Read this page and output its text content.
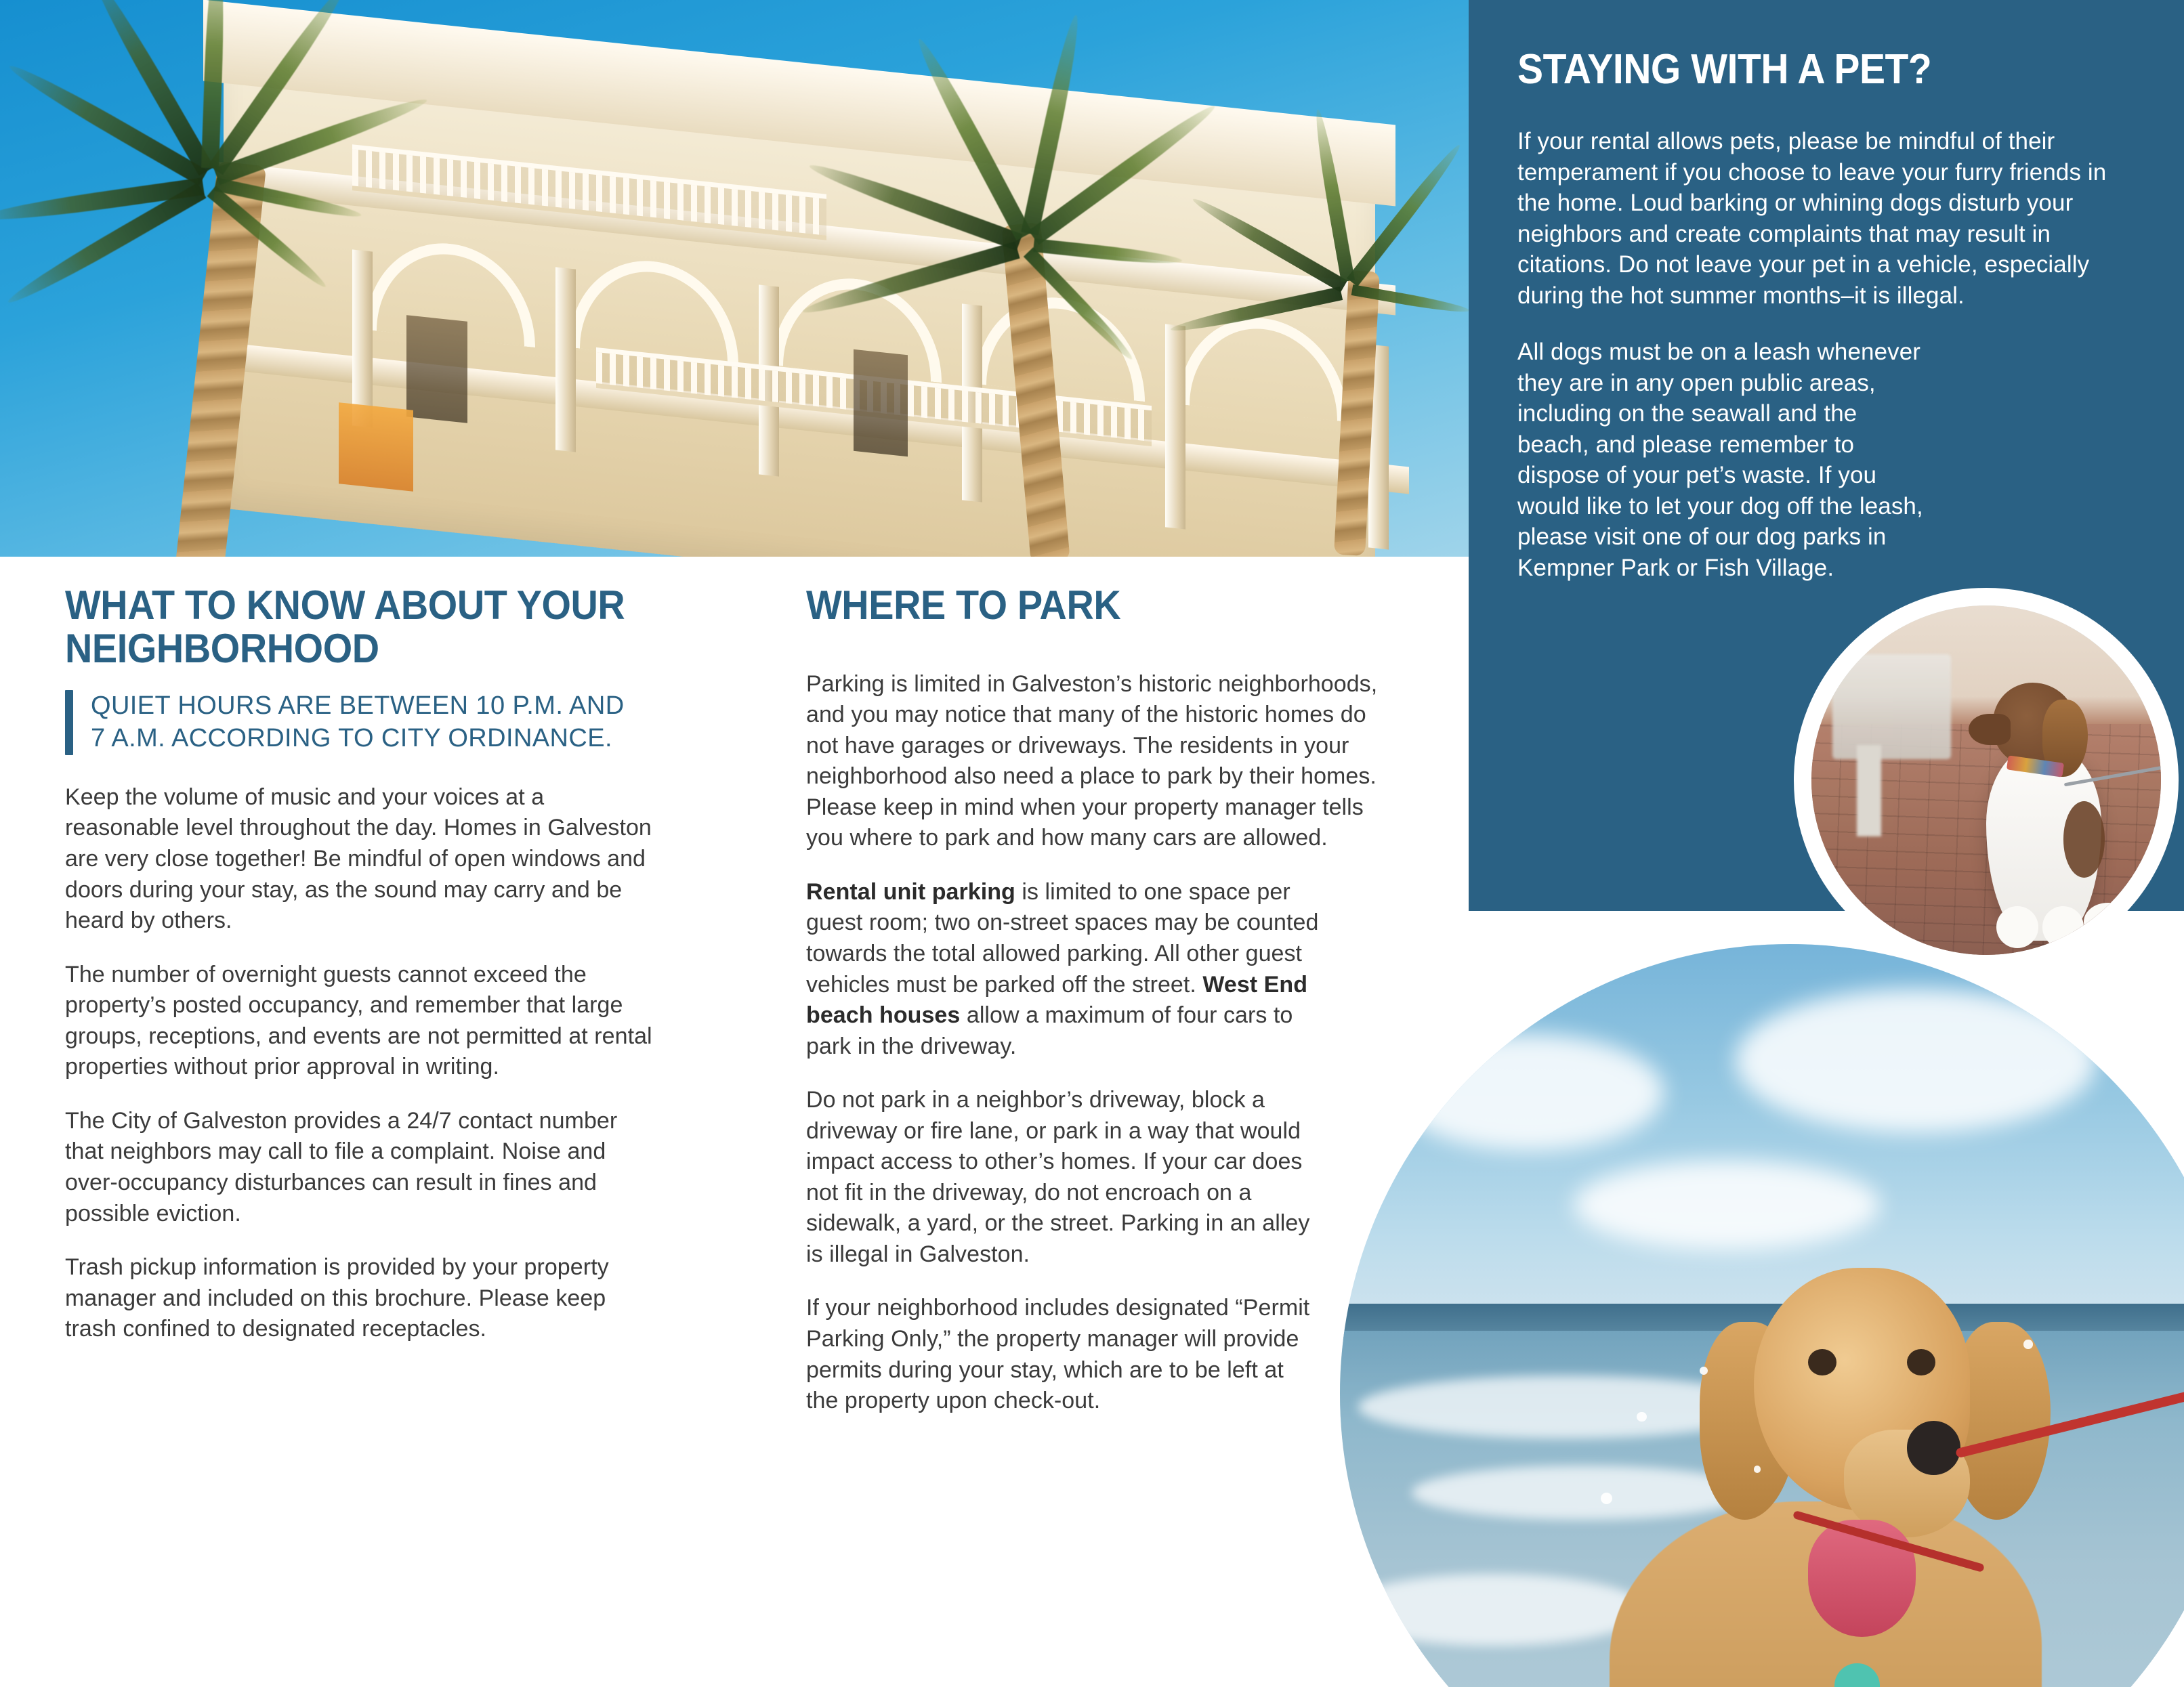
STAYING WITH A PET?
If your rental allows pets, please be mindful of their temperament if you choose to leave your furry friends in the home. Loud barking or whining dogs disturb your neighbors and create complaints that may result in citations. Do not leave your pet in a vehicle, especially during the hot summer months–it is illegal.
All dogs must be on a leash whenever they are in any open public areas, including on the seawall and the beach, and please remember to dispose of your pet’s waste. If you would like to let your dog off the leash, please visit one of our dog parks in Kempner Park or Fish Village.
WHAT TO KNOW ABOUT YOUR NEIGHBORHOOD
QUIET HOURS ARE BETWEEN 10 P.M. AND 7 A.M. ACCORDING TO CITY ORDINANCE.
Keep the volume of music and your voices at a reasonable level throughout the day. Homes in Galveston are very close together! Be mindful of open windows and doors during your stay, as the sound may carry and be heard by others.
The number of overnight guests cannot exceed the property’s posted occupancy, and remember that large groups, receptions, and events are not permitted at rental properties without prior approval in writing.
The City of Galveston provides a 24/7 contact number that neighbors may call to file a complaint. Noise and over-occupancy disturbances can result in fines and possible eviction.
Trash pickup information is provided by your property manager and included on this brochure. Please keep trash confined to designated receptacles.
WHERE TO PARK
Parking is limited in Galveston’s historic neighborhoods, and you may notice that many of the historic homes do not have garages or driveways. The residents in your neighborhood also need a place to park by their homes. Please keep in mind when your property manager tells you where to park and how many cars are allowed.
Rental unit parking is limited to one space per guest room; two on-street spaces may be counted towards the total allowed parking. All other guest vehicles must be parked off the street. West End beach houses allow a maximum of four cars to park in the driveway.
Do not park in a neighbor’s driveway, block a driveway or fire lane, or park in a way that would impact access to other’s homes. If your car does not fit in the driveway, do not encroach on a sidewalk, a yard, or the street. Parking in an alley is illegal in Galveston.
If your neighborhood includes designated “Permit Parking Only,” the property manager will provide permits during your stay, which are to be left at the property upon check-out.
